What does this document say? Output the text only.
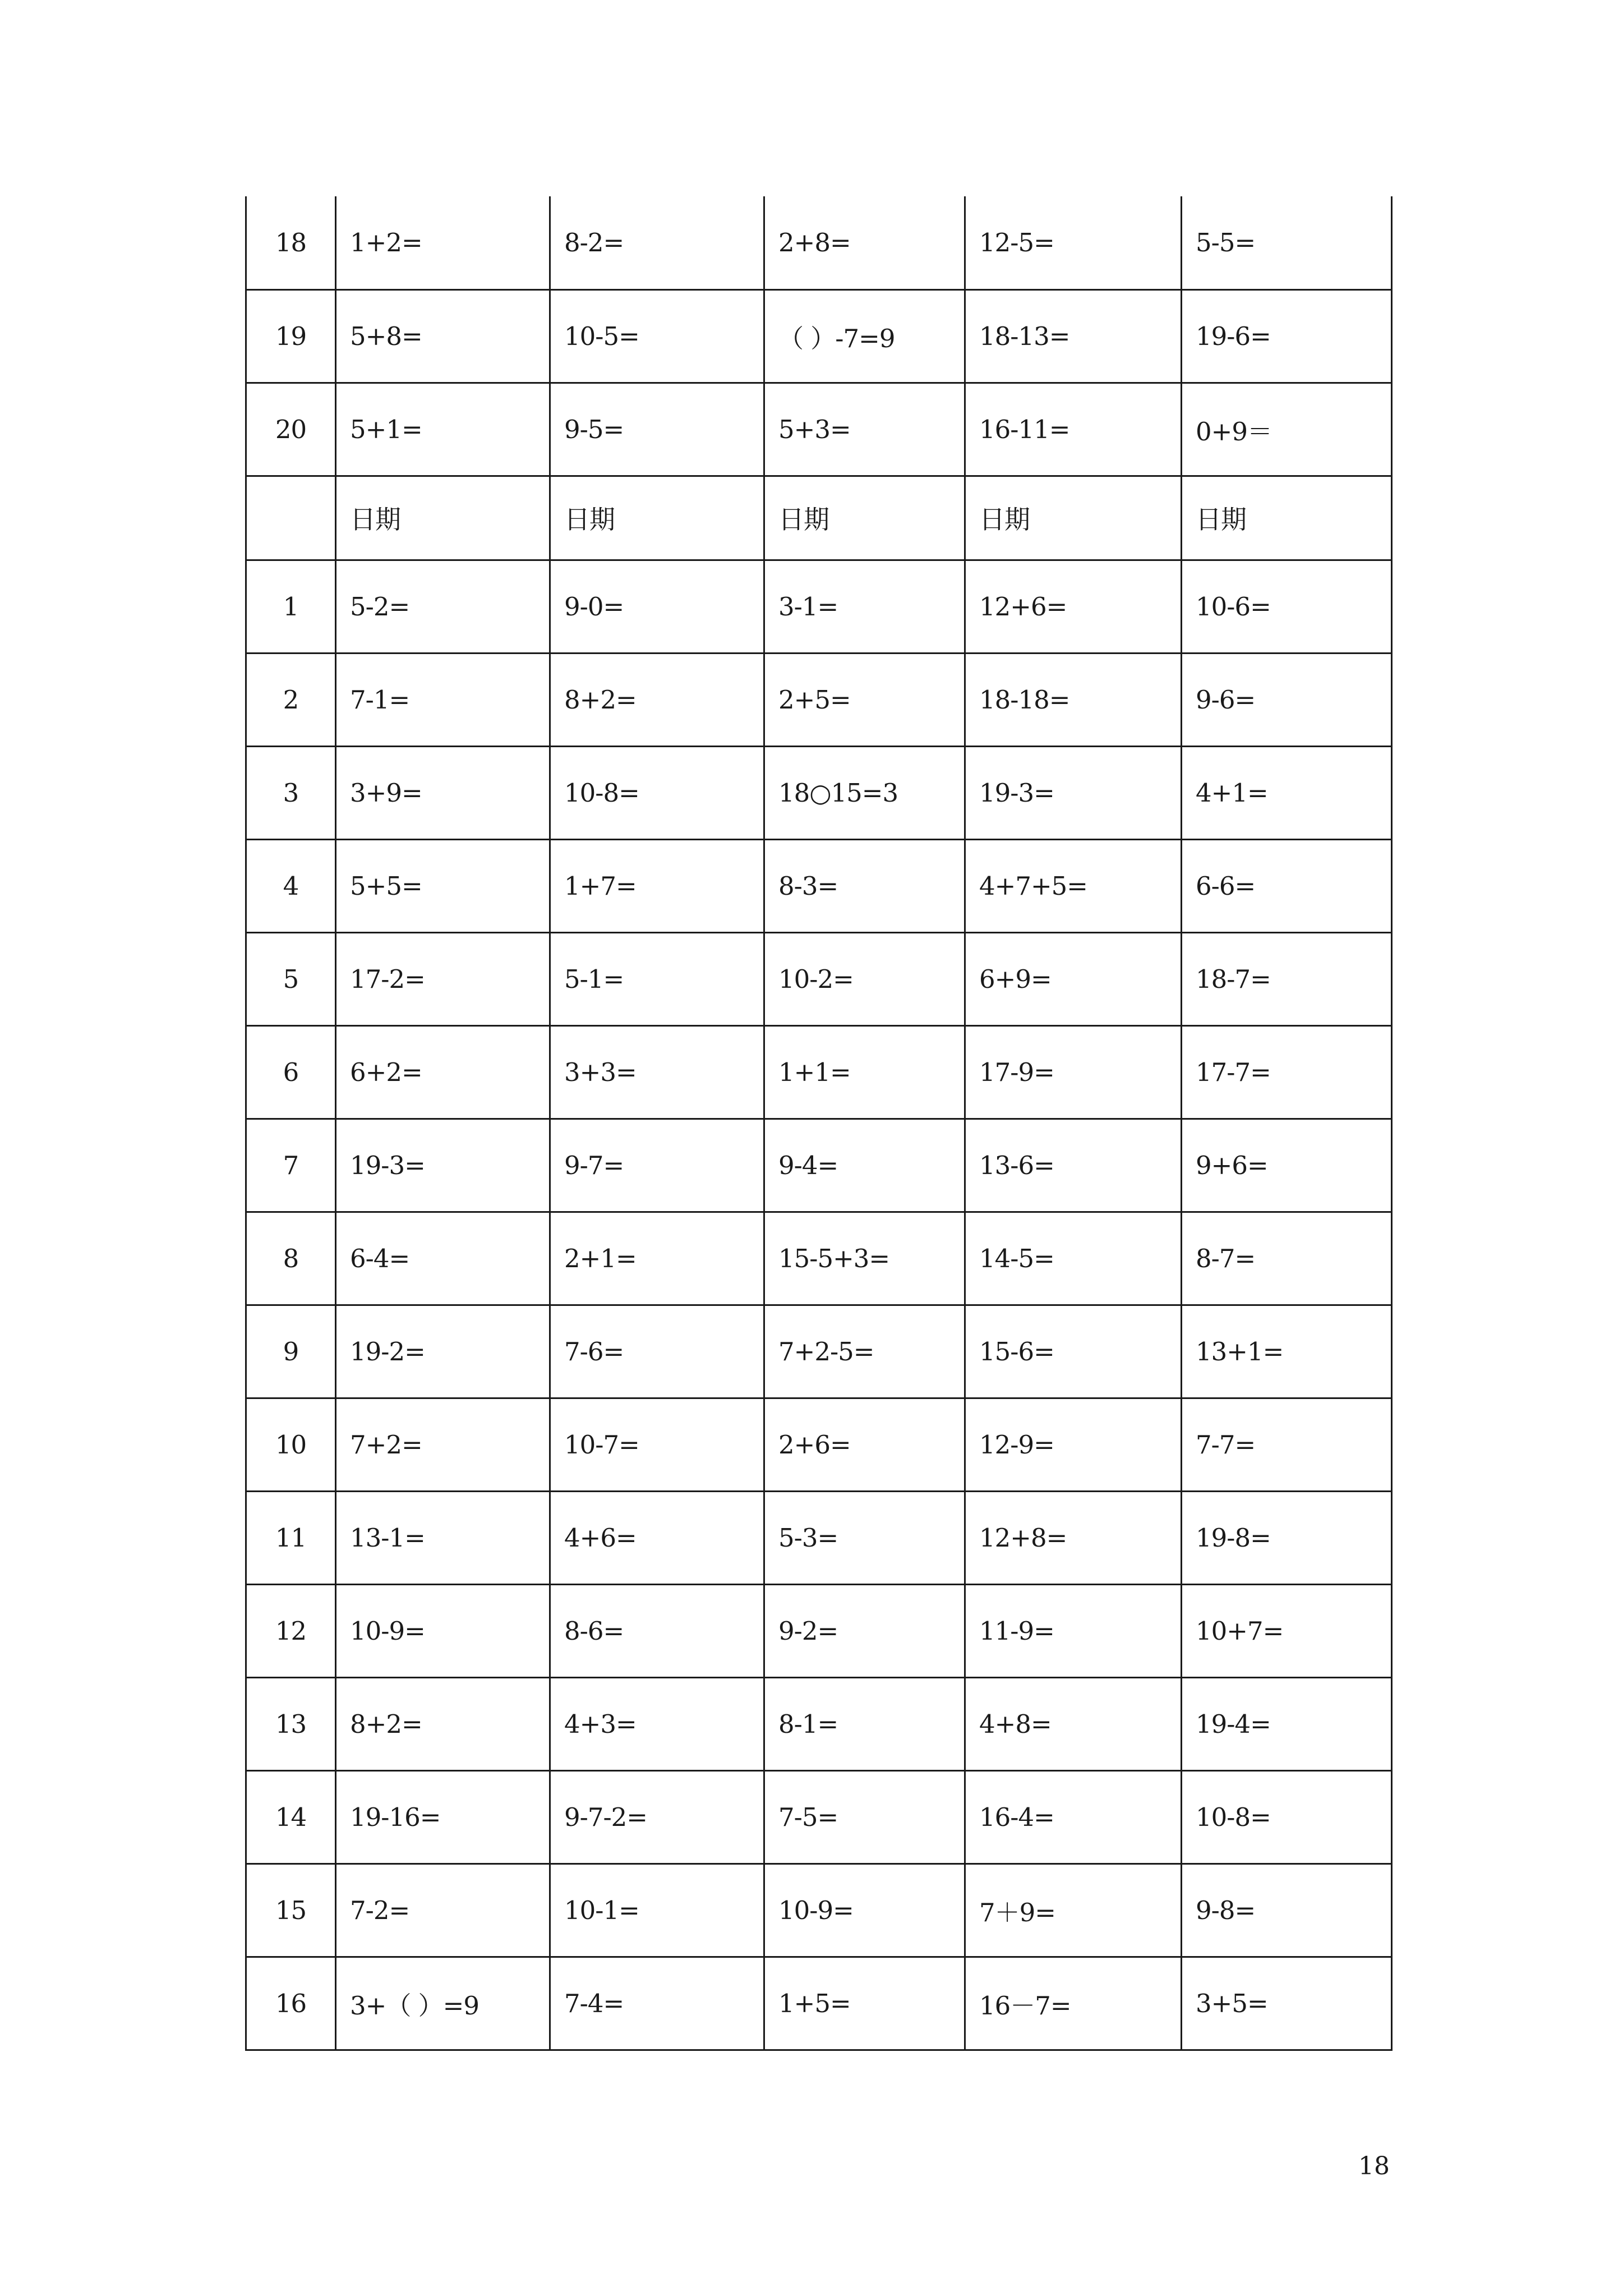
18	1+2=	8-2=	2+8=	12-5=	5-5=
19	5+8=	10-5=	（ ）-7=9	18-13=	19-6=
20	5+1=	9-5=	5+3=	16-11=	0+9＝
	日期	日期	日期	日期	日期
1	5-2=	9-0=	3-1=	12+6=	10-6=
2	7-1=	8+2=	2+5=	18-18=	9-6=
3	3+9=	10-8=	18○15=3	19-3=	4+1=
4	5+5=	1+7=	8-3=	4+7+5=	6-6=
5	17-2=	5-1=	10-2=	6+9=	18-7=
6	6+2=	3+3=	1+1=	17-9=	17-7=
7	19-3=	9-7=	9-4=	13-6=	9+6=
8	6-4=	2+1=	15-5+3=	14-5=	8-7=
9	19-2=	7-6=	7+2-5=	15-6=	13+1=
10	7+2=	10-7=	2+6=	12-9=	7-7=
11	13-1=	4+6=	5-3=	12+8=	19-8=
12	10-9=	8-6=	9-2=	11-9=	10+7=
13	8+2=	4+3=	8-1=	4+8=	19-4=
14	19-16=	9-7-2=	7-5=	16-4=	10-8=
15	7-2=	10-1=	10-9=	7＋9=	9-8=
16	3+（ ）=9	7-4=	1+5=	16－7=	3+5=
18
